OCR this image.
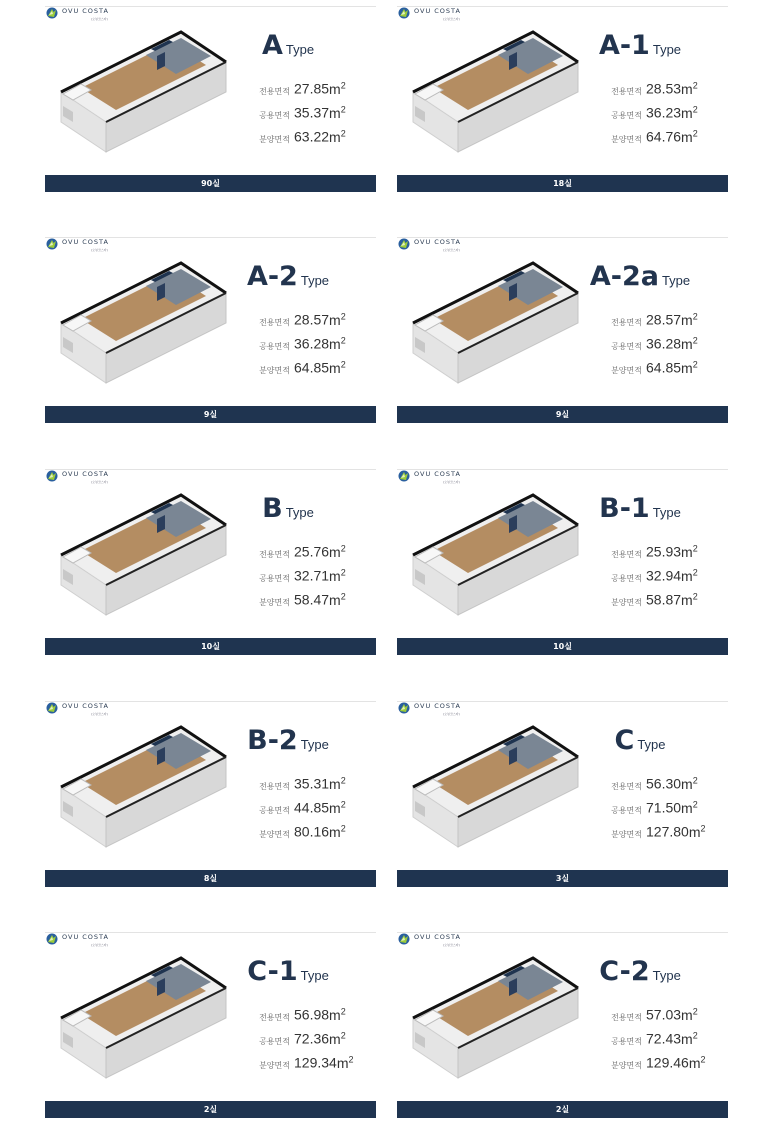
OVU COSTA
(오뷰코스타)
A Type
전용면적 $27.85m^2$
공용면적 $35.37m^2$
분양면적 $63.22m^2$
90실
OVU COSTA
(오뷰코스타)
A-1 Type
전용면적 $28.53m^2$
공용면적 $36.23m^2$
분양면적 $64.76m^2$
18실
OVU COSTA
(오뷰코스타)
A-2 Type
전용면적 $28.57m^2$
공용면적 $36.28m^2$
분양면적 $64.85m^2$
9실
OVU COSTA
(오뷰코스타)
A-2a Type
전용면적 $28.57m^2$
공용면적 $36.28m^2$
분양면적 $64.85m^2$
9실
OVU COSTA
(오뷰코스타)
B Type
전용면적 $25.76m^2$
공용면적 $32.71m^2$
분양면적 $58.47m^2$
10실
OVU COSTA
(오뷰코스타)
B-1 Type
전용면적 $25.93m^2$
공용면적 $32.94m^2$
분양면적 $58.87m^2$
10실
OVU COSTA
(오뷰코스타)
B-2 Type
전용면적 $35.31m^2$
공용면적 $44.85m^2$
분양면적 $80.16m^2$
8실
OVU COSTA
(오뷰코스타)
C Type
전용면적 $56.30m^2$
공용면적 $71.50m^2$
분양면적 $127.80m^2$
3실
OVU COSTA
(오뷰코스타)
C-1 Type
전용면적 $56.98m^2$
공용면적 $72.36m^2$
분양면적 $129.34m^2$
2실
OVU COSTA
(오뷰코스타)
C-2 Type
전용면적 $57.03m^2$
공용면적 $72.43m^2$
분양면적 $129.46m^2$
2실
